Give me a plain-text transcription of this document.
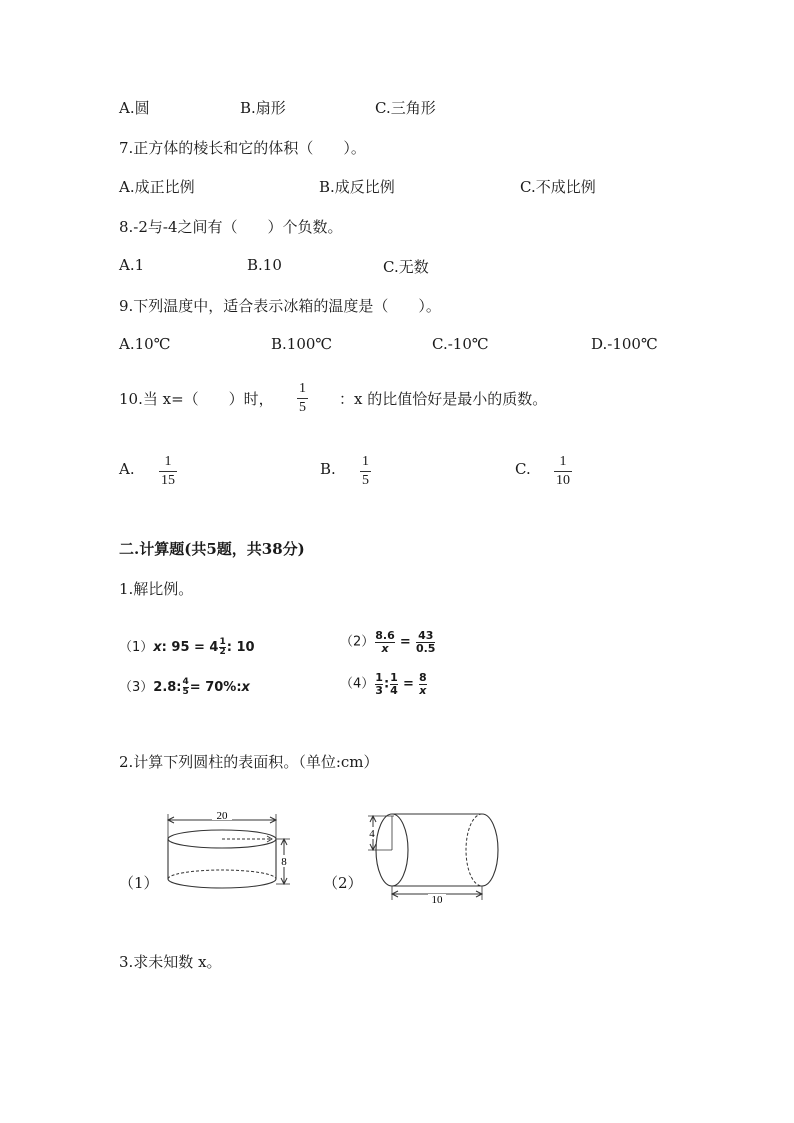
A.圆	B.扇形	C.三角形
7.正方体的棱长和它的体积（　　）。
A.成正比例	B.成反比例	C.不成比例
8.-2与-4之间有（　　）个负数。
A.1	B.10	C.无数
9.下列温度中，适合表示冰箱的温度是（　　）。
A.10℃	B.100℃	C.-10℃	D.-100℃
10.当 x=（　　）时，
1
5 ：x 的比值恰好是最小的质数。
A.	1
15
B. 1
5
C.	1
10
二.计算题(共5题，共38分)
1.解比例。
（1）x: $95 = 4\frac{1}{2}$: 10	$(2)\frac{8.6}{x} = \frac{43}{0.5}$
$(3)2.8:\frac{4}{5}=$ 70%:x	$(4)\frac{1}{3}:\frac{1}{4} = \frac{8}{x}$
2.计算下列圆柱的表面积。（单位:cm）
（1）	（2）
20
8
4
10
3.求未知数 x。
